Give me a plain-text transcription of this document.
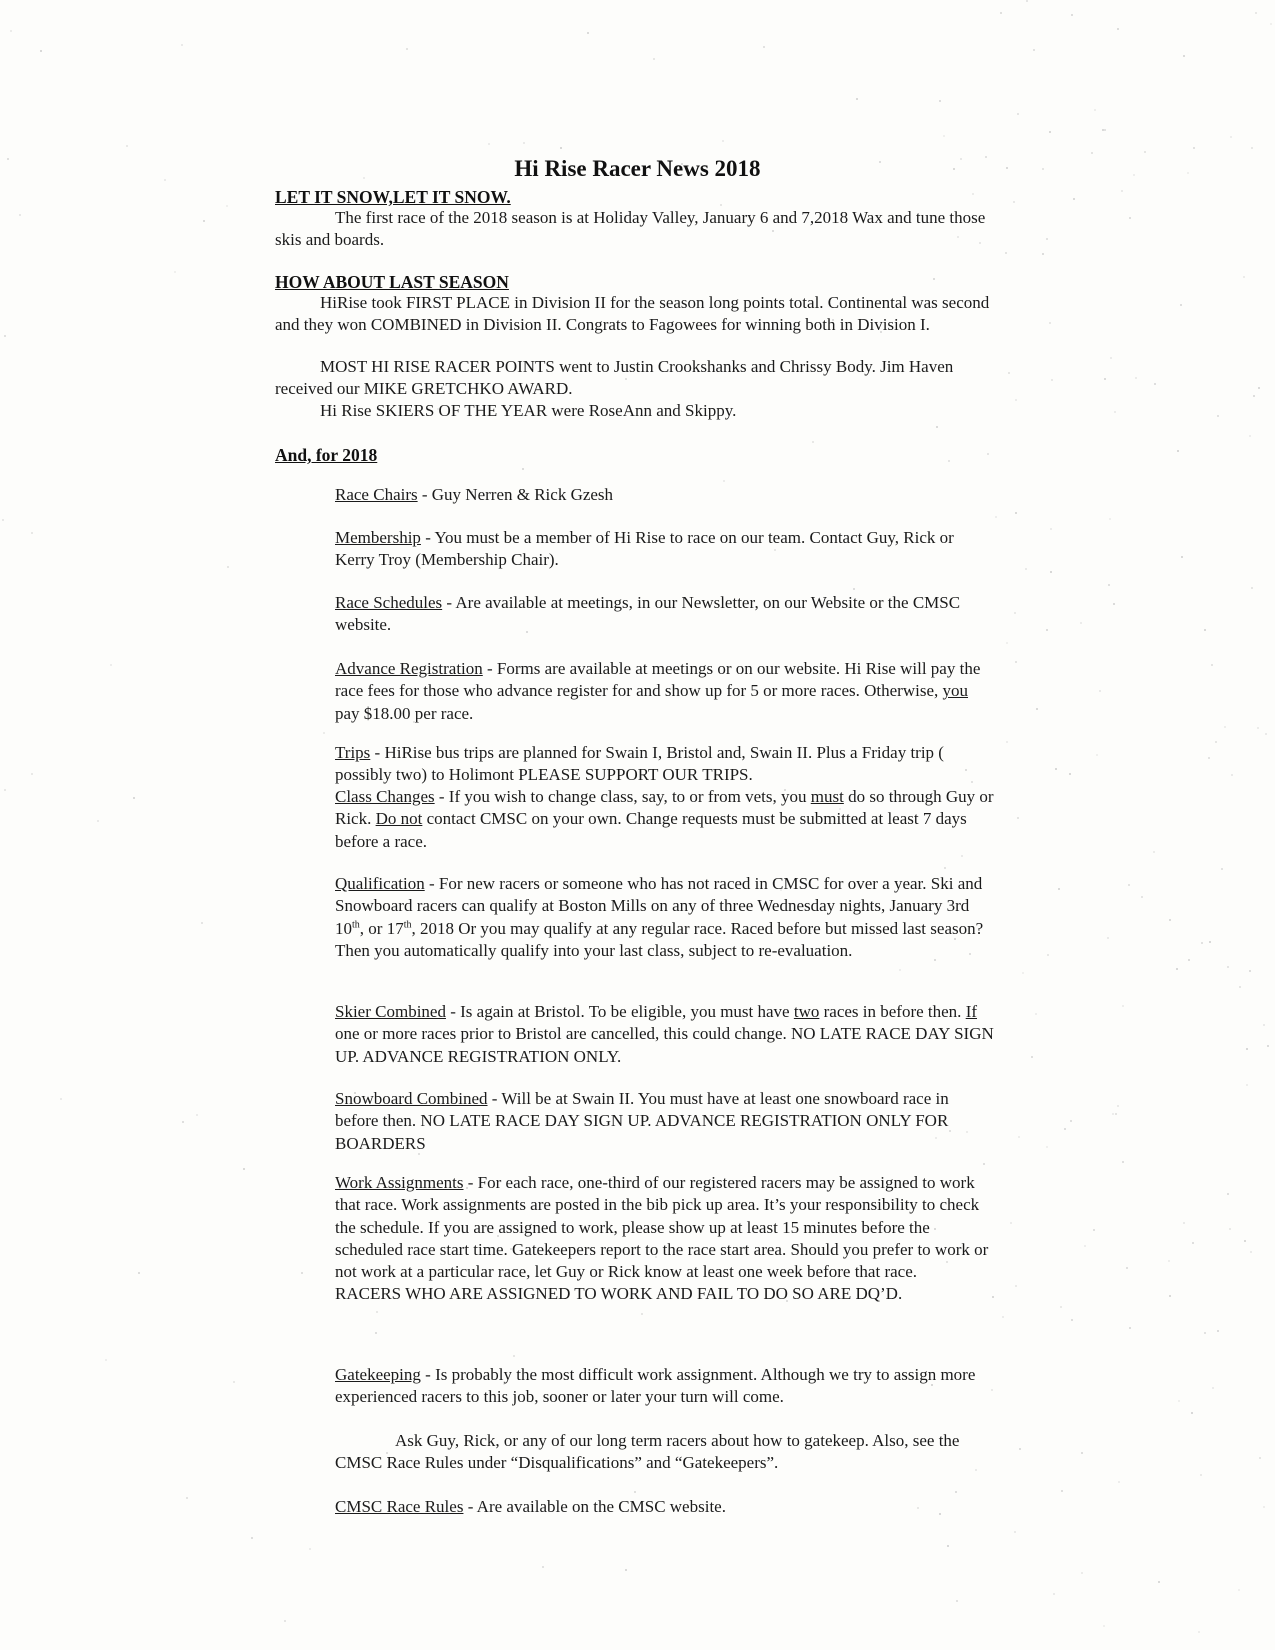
Hi Rise Racer News 2018
LET IT SNOW,LET IT SNOW.

The first race of the 2018 season is at Holiday Valley, January 6 and 7,2018 Wax and tune those skis and boards.

HOW ABOUT LAST SEASON

HiRise took FIRST PLACE in Division II for the season long points total. Continental was second and they won COMBINED in Division II. Congrats to Fagowees for winning both in Division I.

MOST HI RISE RACER POINTS went to Justin Crookshanks and Chrissy Body. Jim Haven received our MIKE GRETCHKO AWARD.

Hi Rise SKIERS OF THE YEAR were RoseAnn and Skippy.

And, for 2018

Race Chairs - Guy Nerren & Rick Gzesh

Membership - You must be a member of Hi Rise to race on our team. Contact Guy, Rick or Kerry Troy (Membership Chair).

Race Schedules - Are available at meetings, in our Newsletter, on our Website or the CMSC website.

Advance Registration - Forms are available at meetings or on our website. Hi Rise will pay the race fees for those who advance register for and show up for 5 or more races. Otherwise, you pay $18.00 per race.

Trips - HiRise bus trips are planned for Swain I, Bristol and, Swain II. Plus a Friday trip ( possibly two) to Holimont PLEASE SUPPORT OUR TRIPS.

Class Changes - If you wish to change class, say, to or from vets, you must do so through Guy or Rick. Do not contact CMSC on your own. Change requests must be submitted at least 7 days before a race.

Qualification - For new racers or someone who has not raced in CMSC for over a year. Ski and Snowboard racers can qualify at Boston Mills on any of three Wednesday nights, January 3rd 10th, or 17th, 2018 Or you may qualify at any regular race. Raced before but missed last season? Then you automatically qualify into your last class, subject to re-evaluation.

Skier Combined - Is again at Bristol. To be eligible, you must have two races in before then. If one or more races prior to Bristol are cancelled, this could change. NO LATE RACE DAY SIGN UP. ADVANCE REGISTRATION ONLY.

Snowboard Combined - Will be at Swain II. You must have at least one snowboard race in before then. NO LATE RACE DAY SIGN UP. ADVANCE REGISTRATION ONLY FOR BOARDERS

Work Assignments - For each race, one-third of our registered racers may be assigned to work that race. Work assignments are posted in the bib pick up area. It’s your responsibility to check the schedule. If you are assigned to work, please show up at least 15 minutes before the scheduled race start time. Gatekeepers report to the race start area. Should you prefer to work or not work at a particular race, let Guy or Rick know at least one week before that race.
RACERS WHO ARE ASSIGNED TO WORK AND FAIL TO DO SO ARE DQ’D.

Gatekeeping - Is probably the most difficult work assignment. Although we try to assign more experienced racers to this job, sooner or later your turn will come.

Ask Guy, Rick, or any of our long term racers about how to gatekeep. Also, see the CMSC Race Rules under “Disqualifications” and “Gatekeepers”.

CMSC Race Rules - Are available on the CMSC website.
